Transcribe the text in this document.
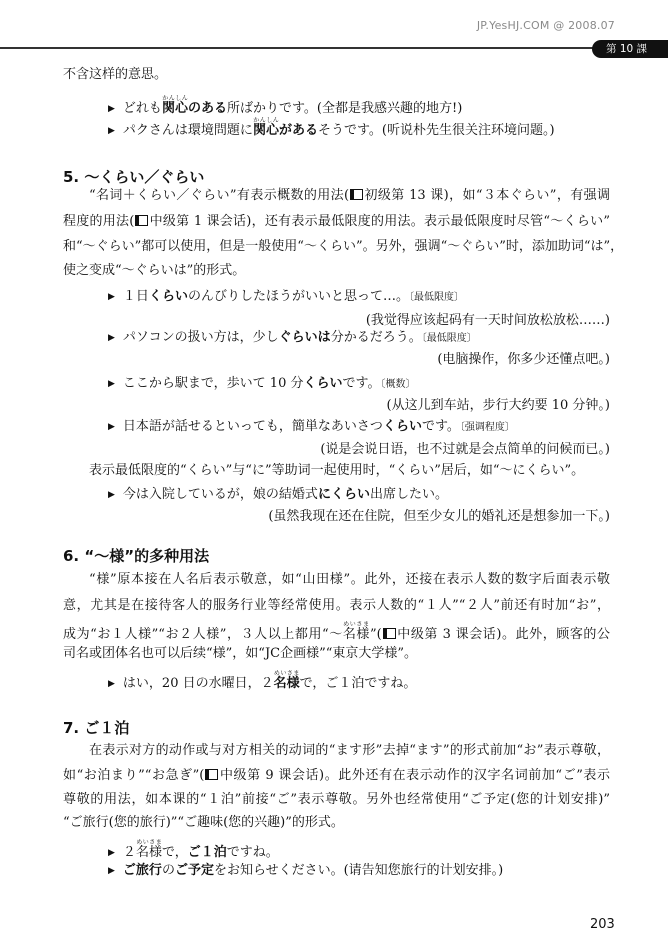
JP.YesHJ.COM @ 2008.07
第 10 課
不含这样的意思。
▶ どれも関心かんしんのある所ばかりです。(全都是我感兴趣的地方!)
▶ パクさんは環境問題に関心かんしんがあるそうです。(听说朴先生很关注环境问题。)
5. ～くらい／ぐらい
“名词＋くらい／ぐらい”有表示概数的用法( 初级第 13 课)，如“３本ぐらい”，有强调
程度的用法( 中级第 1 课会话)，还有表示最低限度的用法。表示最低限度时尽管“～くらい”
和“～ぐらい”都可以使用，但是一般使用“～くらい”。另外，强调“～ぐらい”时，添加助词“は”，
使之变成“～ぐらいは”的形式。
▶ １日くらいのんびりしたほうがいいと思って…。〔最低限度〕
(我觉得应该起码有一天时间放松放松……)
▶ パソコンの扱い方は，少しぐらいは分かるだろう。〔最低限度〕
(电脑操作，你多少还懂点吧。)
▶ ここから駅まで，歩いて 10 分くらいです。〔概数〕
(从这儿到车站，步行大约要 10 分钟。)
▶ 日本語が話せるといっても，簡単なあいさつくらいです。〔强调程度〕
(说是会说日语，也不过就是会点简单的问候而已。)
表示最低限度的“くらい”与“に”等助词一起使用时，“くらい”居后，如“～にくらい”。
▶ 今は入院しているが，娘の結婚式にくらい出席したい。
(虽然我现在还在住院，但至少女儿的婚礼还是想参加一下。)
6. “～様”的多种用法
“様”原本接在人名后表示敬意，如“山田様”。此外，还接在表示人数的数字后面表示敬
意，尤其是在接待客人的服务行业等经常使用。表示人数的“１人”“２人”前还有时加“お”，
成为“お１人様”“お２人様”，３人以上都用“～名様めいさま”( 中级第 3 课会话)。此外，顾客的公
司名或团体名也可以后续“様”，如“JC企画様”“東京大学様”。
▶ はい，20 日の水曜日，２名様めいさまで，ご１泊ですね。
7. ご１泊
在表示对方的动作或与对方相关的动词的“ます形”去掉“ます”的形式前加“お”表示尊敬，
如“お泊まり”“お急ぎ”( 中级第 9 课会话)。此外还有在表示动作的汉字名词前加“ご”表示
尊敬的用法，如本课的“１泊”前接“ご”表示尊敬。另外也经常使用“ご予定(您的计划安排)”
“ご旅行(您的旅行)”“ご趣味(您的兴趣)”的形式。
▶ ２名様めいさまで，ご１泊ですね。
▶ ご旅行のご予定をお知らせください。(请告知您旅行的计划安排。)
203
